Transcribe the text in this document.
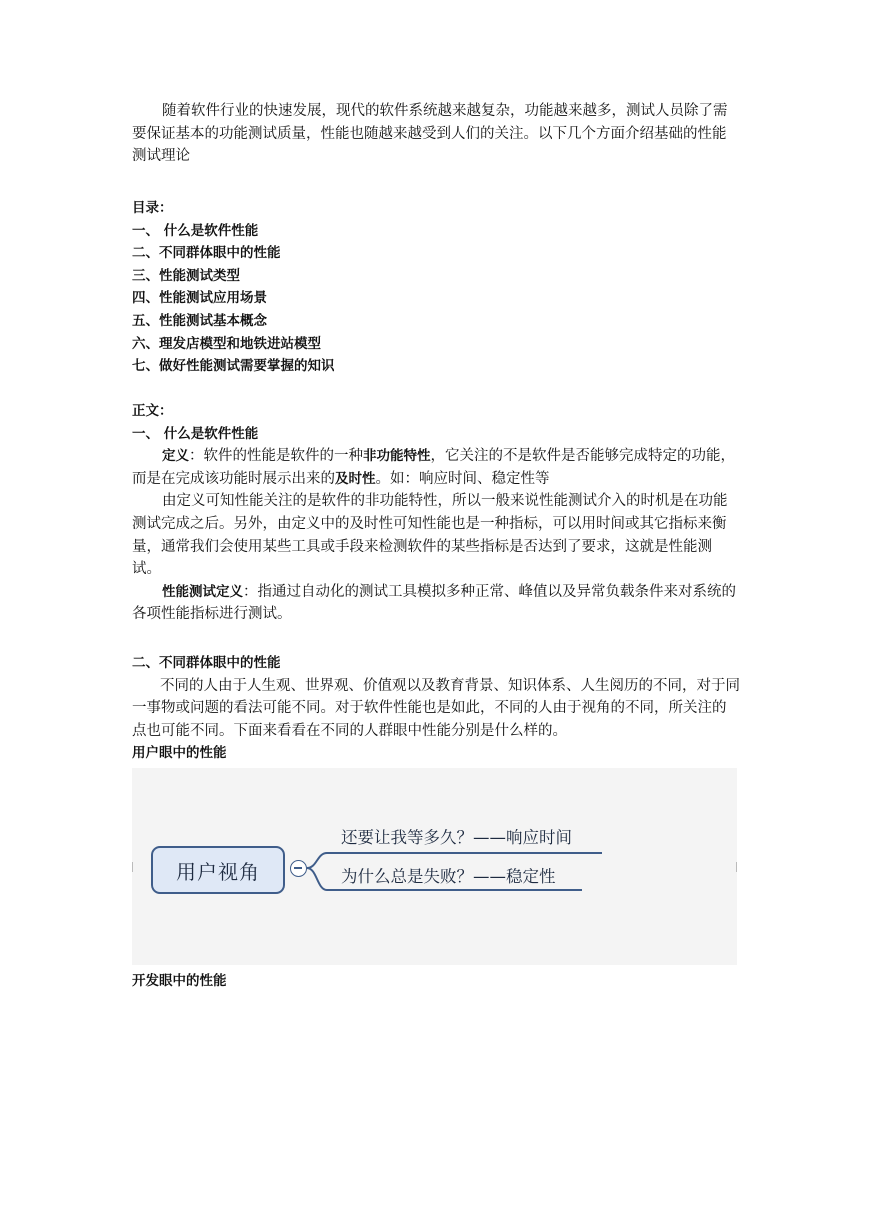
随着软件行业的快速发展，现代的软件系统越来越复杂，功能越来越多，测试人员除了需要保证基本的功能测试质量，性能也随越来越受到人们的关注。以下几个方面介绍基础的性能测试理论

目录：

一、 什么是软件性能

二、不同群体眼中的性能

三、性能测试类型

四、性能测试应用场景

五、性能测试基本概念

六、理发店模型和地铁进站模型

七、做好性能测试需要掌握的知识

正文：

一、 什么是软件性能

定义：软件的性能是软件的一种非功能特性，它关注的不是软件是否能够完成特定的功能，而是在完成该功能时展示出来的及时性。如：响应时间、稳定性等

由定义可知性能关注的是软件的非功能特性，所以一般来说性能测试介入的时机是在功能测试完成之后。另外，由定义中的及时性可知性能也是一种指标，可以用时间或其它指标来衡量，通常我们会使用某些工具或手段来检测软件的某些指标是否达到了要求，这就是性能测试。

性能测试定义：指通过自动化的测试工具模拟多种正常、峰值以及异常负载条件来对系统的各项性能指标进行测试。

二、不同群体眼中的性能

不同的人由于人生观、世界观、价值观以及教育背景、知识体系、人生阅历的不同，对于同一事物或问题的看法可能不同。对于软件性能也是如此，不同的人由于视角的不同，所关注的点也可能不同。下面来看看在不同的人群眼中性能分别是什么样的。

用户眼中的性能

用户视角
还要让我等多久？——响应时间
为什么总是失败？——稳定性

开发眼中的性能
